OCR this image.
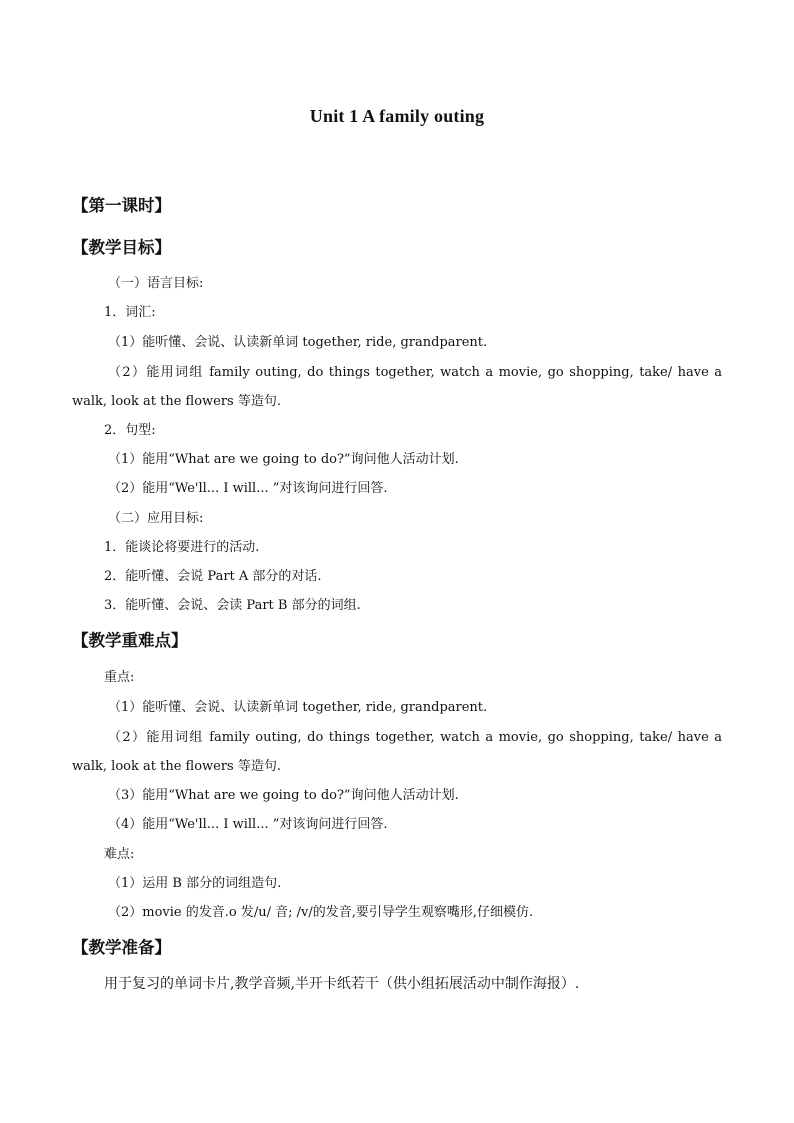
Unit 1 A family outing
【第一课时】
【教学目标】
（一）语言目标:
1．词汇:
（1）能听懂、会说、认读新单词 together, ride, grandparent.
（2）能用词组 family outing, do things together, watch a movie, go shopping, take/ have a
walk, look at the flowers 等造句.
2．句型:
（1）能用“What are we going to do?”询问他人活动计划.
（2）能用“We'll... I will... ”对该询问进行回答.
（二）应用目标:
1．能谈论将要进行的活动.
2．能听懂、会说 Part A 部分的对话.
3．能听懂、会说、会读 Part B 部分的词组.
【教学重难点】
重点:
（1）能听懂、会说、认读新单词 together, ride, grandparent.
（2）能用词组 family outing, do things together, watch a movie, go shopping, take/ have a
walk, look at the flowers 等造句.
（3）能用“What are we going to do?”询问他人活动计划.
（4）能用“We'll... I will... ”对该询问进行回答.
难点:
（1）运用 B 部分的词组造句.
（2）movie 的发音.o 发/u/ 音; /v/的发音,要引导学生观察嘴形,仔细模仿.
【教学准备】
用于复习的单词卡片,教学音频,半开卡纸若干（供小组拓展活动中制作海报）.
